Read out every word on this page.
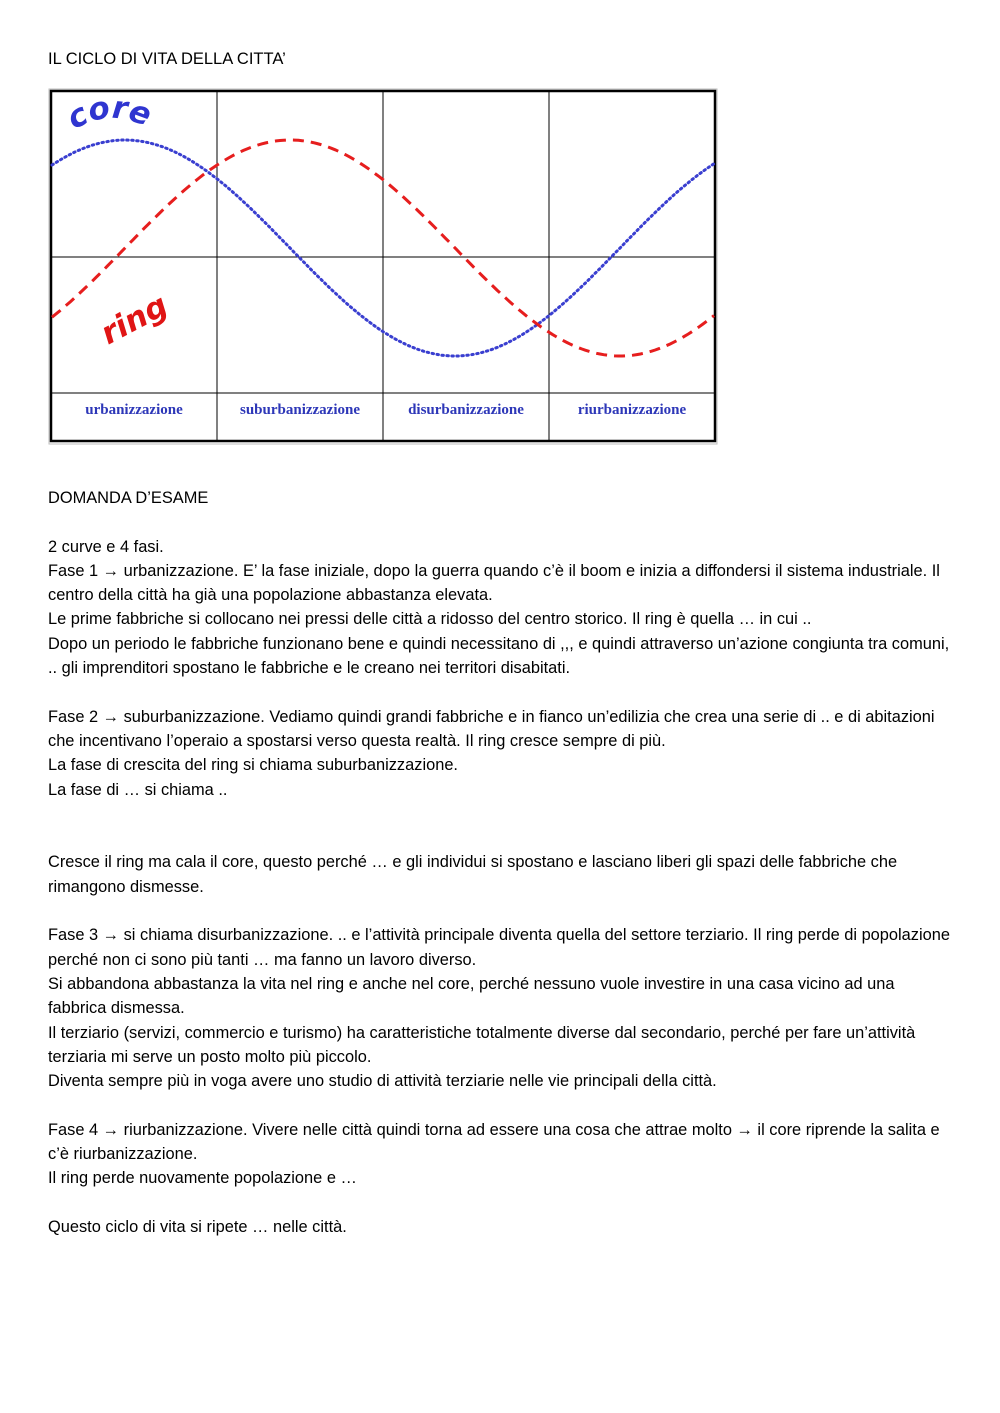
IL CICLO DI VITA DELLA CITTA’
core
ring
urbanizzazione	suburbanizzazione	disurbanizzazione	riurbanizzazione

DOMANDA D’ESAME

2 curve e 4 fasi.

Fase 1 → urbanizzazione. E’ la fase iniziale, dopo la guerra quando c’è il boom e inizia a diffondersi il sistema industriale. Il centro della città ha già una popolazione abbastanza elevata.

Le prime fabbriche si collocano nei pressi delle città a ridosso del centro storico. Il ring è quella … in cui ..

Dopo un periodo le fabbriche funzionano bene e quindi necessitano di ,,, e quindi attraverso un’azione congiunta tra comuni, .. gli imprenditori spostano le fabbriche e le creano nei territori disabitati.

Fase 2 → suburbanizzazione. Vediamo quindi grandi fabbriche e in fianco un’edilizia che crea una serie di .. e di abitazioni che incentivano l’operaio a spostarsi verso questa realtà. Il ring cresce sempre di più.

La fase di crescita del ring si chiama suburbanizzazione.

La fase di … si chiama ..

Cresce il ring ma cala il core, questo perché … e gli individui si spostano e lasciano liberi gli spazi delle fabbriche che rimangono dismesse.

Fase 3 → si chiama disurbanizzazione. .. e l’attività principale diventa quella del settore terziario. Il ring perde di popolazione perché non ci sono più tanti … ma fanno un lavoro diverso.

Si abbandona abbastanza la vita nel ring e anche nel core, perché nessuno vuole investire in una casa vicino ad una fabbrica dismessa.

Il terziario (servizi, commercio e turismo) ha caratteristiche totalmente diverse dal secondario, perché per fare un’attività terziaria mi serve un posto molto più piccolo.

Diventa sempre più in voga avere uno studio di attività terziarie nelle vie principali della città.

Fase 4 → riurbanizzazione. Vivere nelle città quindi torna ad essere una cosa che attrae molto → il core riprende la salita e c’è riurbanizzazione.

Il ring perde nuovamente popolazione e …

Questo ciclo di vita si ripete … nelle città.
